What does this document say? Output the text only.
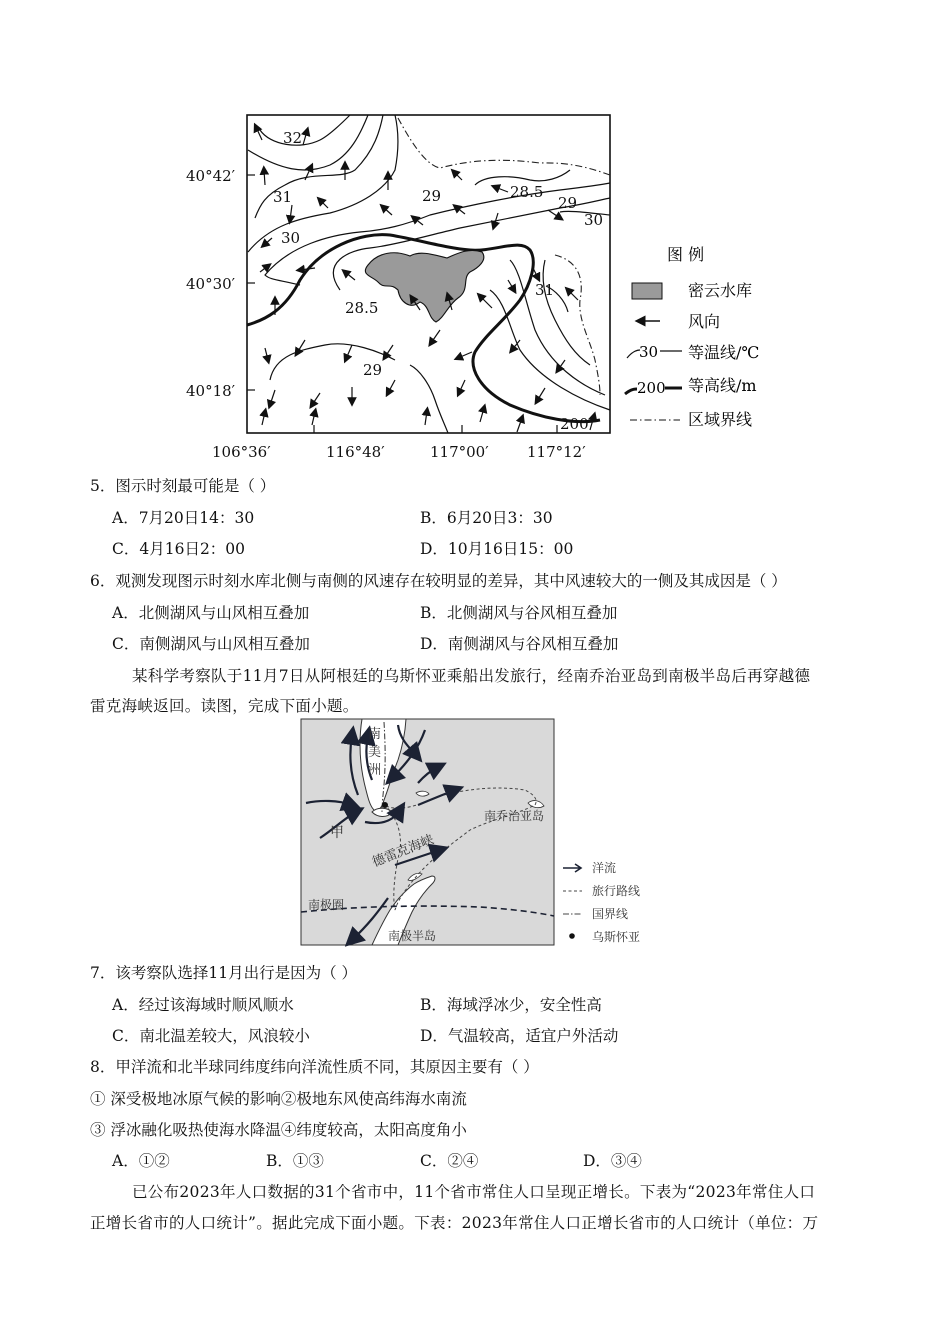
32
31
30
29
28.5
28.5
29
30
31
29
200
40°42′
40°30′
40°18′
106°36′	116°48′	117°00′	117°12′
图 例
密云水库
风向
30 等温线/℃
200 等高线/m
区域界线
5．图示时刻最可能是（ ）
A．7月20日14：30	B．6月20日3：30
C．4月16日2：00	D．10月16日15：00
6．观测发现图示时刻水库北侧与南侧的风速存在较明显的差异，其中风速较大的一侧及其成因是（ ）
A．北侧湖风与山风相互叠加	B．北侧湖风与谷风相互叠加
C．南侧湖风与山风相互叠加	D．南侧湖风与谷风相互叠加
某科学考察队于11月7日从阿根廷的乌斯怀亚乘船出发旅行，经南乔治亚岛到南极半岛后再穿越德
雷克海峡返回。读图，完成下面小题。
南
美
洲
甲 德雷克海峡
南乔治亚岛
南极圈
南极半岛
洋流
旅行路线
国界线
乌斯怀亚
7．该考察队选择11月出行是因为（ ）
A．经过该海域时顺风顺水	B．海域浮冰少，安全性高
C．南北温差较大，风浪较小	D．气温较高，适宜户外活动
8．甲洋流和北半球同纬度纬向洋流性质不同，其原因主要有（ ）
① 深受极地冰原气候的影响②极地东风使高纬海水南流
③ 浮冰融化吸热使海水降温④纬度较高，太阳高度角小
A．①②	B．①③	C．②④	D．③④
已公布2023年人口数据的31个省市中，11个省市常住人口呈现正增长。下表为“2023年常住人口
正增长省市的人口统计”。据此完成下面小题。下表：2023年常住人口正增长省市的人口统计（单位：万
